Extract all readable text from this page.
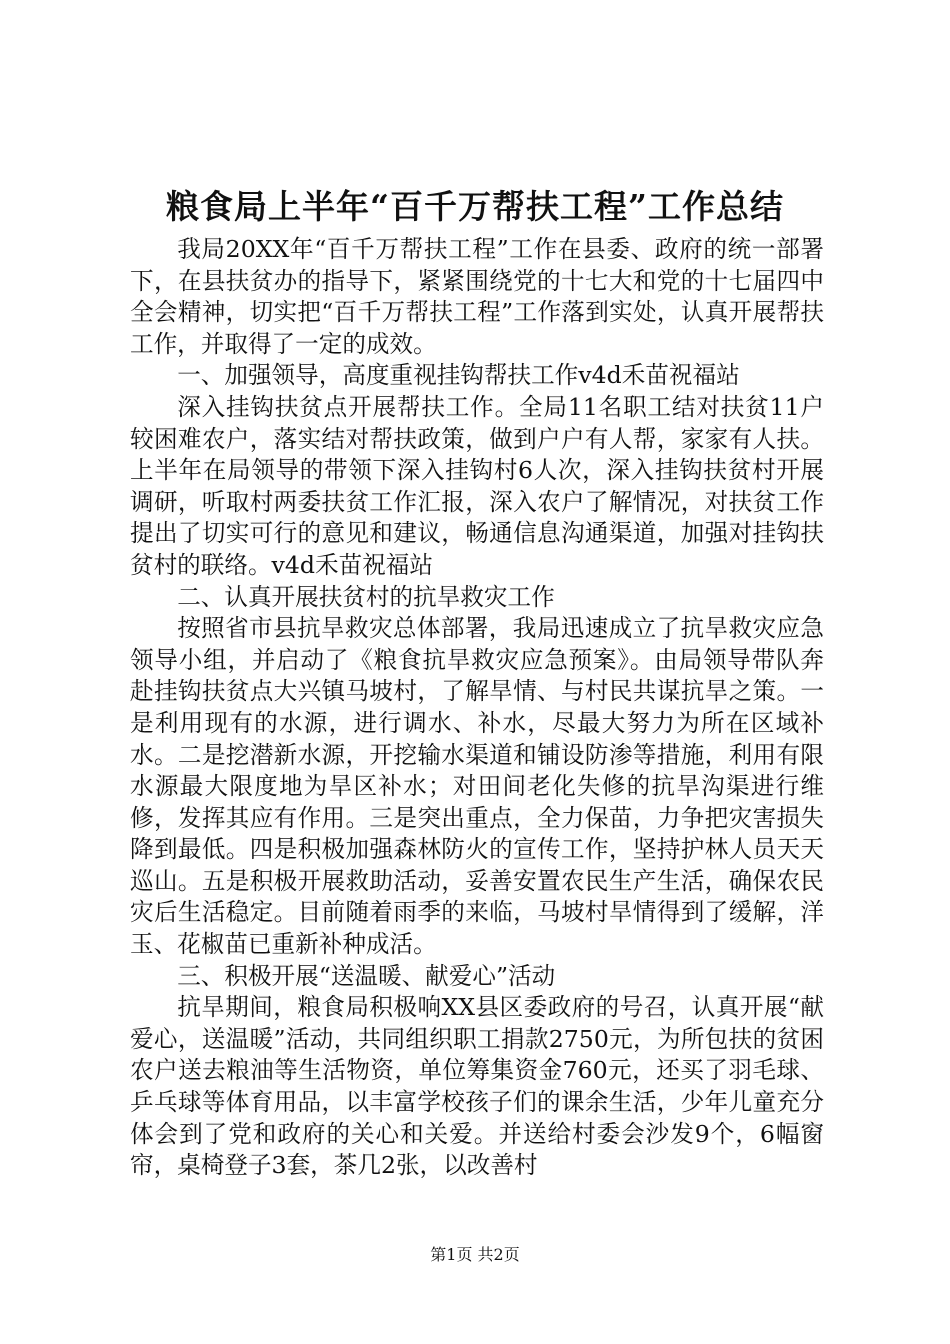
粮食局上半年“百千万帮扶工程”工作总结

我局20XX年“百千万帮扶工程”工作在县委、政府的统一部署下，在县扶贫办的指导下，紧紧围绕党的十七大和党的十七届四中全会精神，切实把“百千万帮扶工程”工作落到实处，认真开展帮扶工作，并取得了一定的成效。

一、加强领导，高度重视挂钩帮扶工作v4d禾苗祝福站

深入挂钩扶贫点开展帮扶工作。全局11名职工结对扶贫11户较困难农户，落实结对帮扶政策，做到户户有人帮，家家有人扶。上半年在局领导的带领下深入挂钩村6人次，深入挂钩扶贫村开展调研，听取村两委扶贫工作汇报，深入农户了解情况，对扶贫工作提出了切实可行的意见和建议，畅通信息沟通渠道，加强对挂钩扶贫村的联络。v4d禾苗祝福站

二、认真开展扶贫村的抗旱救灾工作

按照省市县抗旱救灾总体部署，我局迅速成立了抗旱救灾应急领导小组，并启动了《粮食抗旱救灾应急预案》。由局领导带队奔赴挂钩扶贫点大兴镇马坡村，了解旱情、与村民共谋抗旱之策。一是利用现有的水源，进行调水、补水，尽最大努力为所在区域补水。二是挖潜新水源，开挖输水渠道和铺设防渗等措施，利用有限水源最大限度地为旱区补水；对田间老化失修的抗旱沟渠进行维修，发挥其应有作用。三是突出重点，全力保苗，力争把灾害损失降到最低。四是积极加强森林防火的宣传工作，坚持护林人员天天巡山。五是积极开展救助活动，妥善安置农民生产生活，确保农民灾后生活稳定。目前随着雨季的来临，马坡村旱情得到了缓解，洋玉、花椒苗已重新补种成活。

三、积极开展“送温暖、献爱心”活动

抗旱期间，粮食局积极响XX县区委政府的号召，认真开展“献爱心，送温暖”活动，共同组织职工捐款2750元，为所包扶的贫困农户送去粮油等生活物资，单位筹集资金760元，还买了羽毛球、乒乓球等体育用品，以丰富学校孩子们的课余生活，少年儿童充分体会到了党和政府的关心和关爱。并送给村委会沙发9个，6幅窗帘，桌椅登子3套，茶几2张，以改善村

第1页 共2页
